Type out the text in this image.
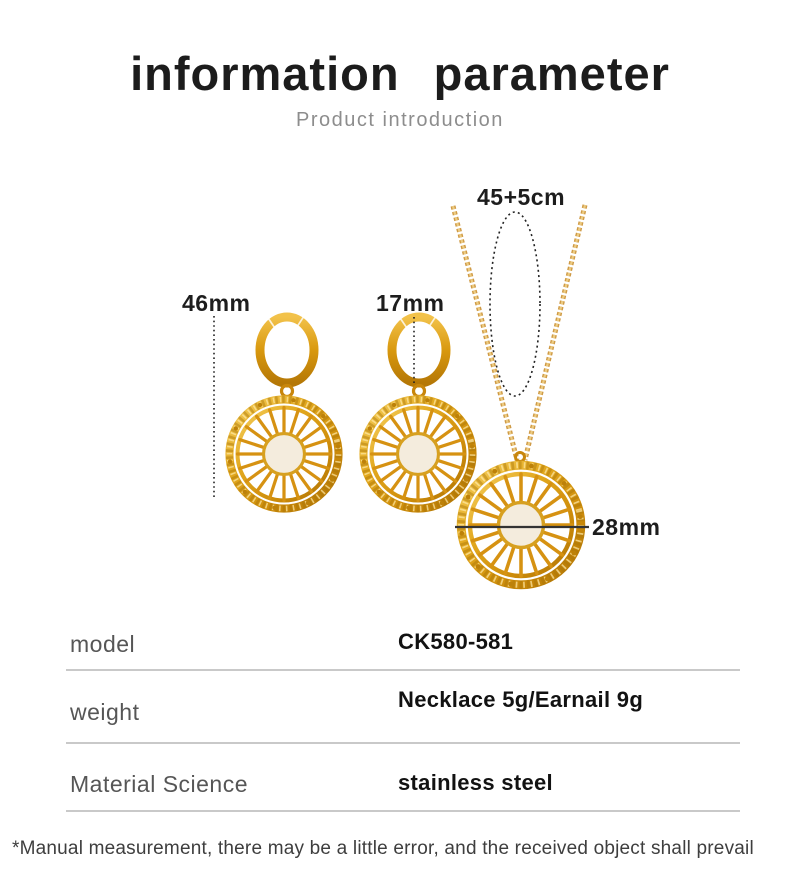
information parameter

Product introduction

46mm	17mm
45+5cm
28mm
model	CK580-581
weight	Necklace 5g/Earnail 9g
Material Science	stainless steel

*Manual measurement, there may be a little error, and the received object shall prevail
